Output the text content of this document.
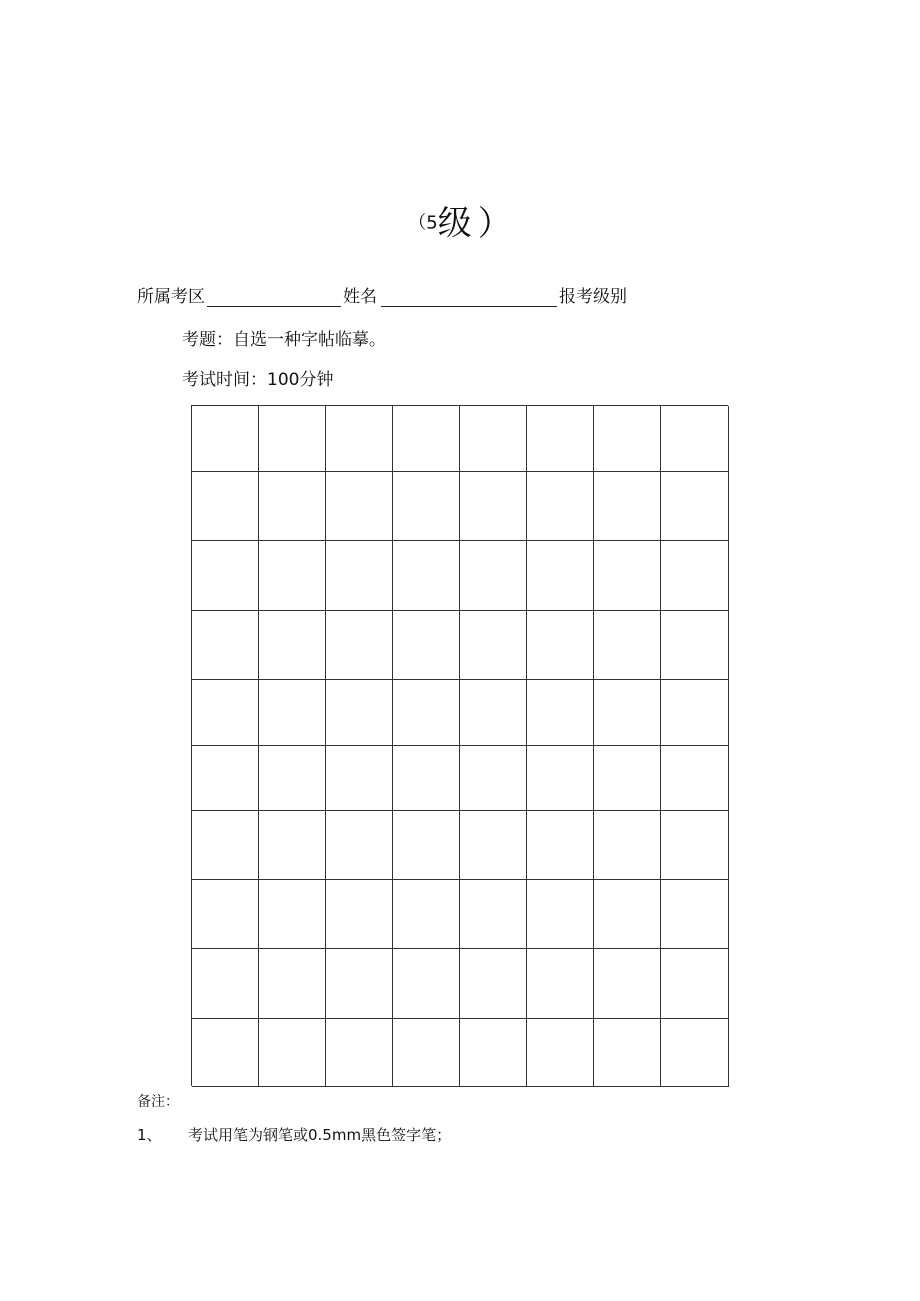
（5级 ）
所属考区	姓名	报考级别
考题：自选一种字帖临摹。
考试时间：100分钟
备注：
1、 考试用笔为钢笔或0.5mm黑色签字笔；
